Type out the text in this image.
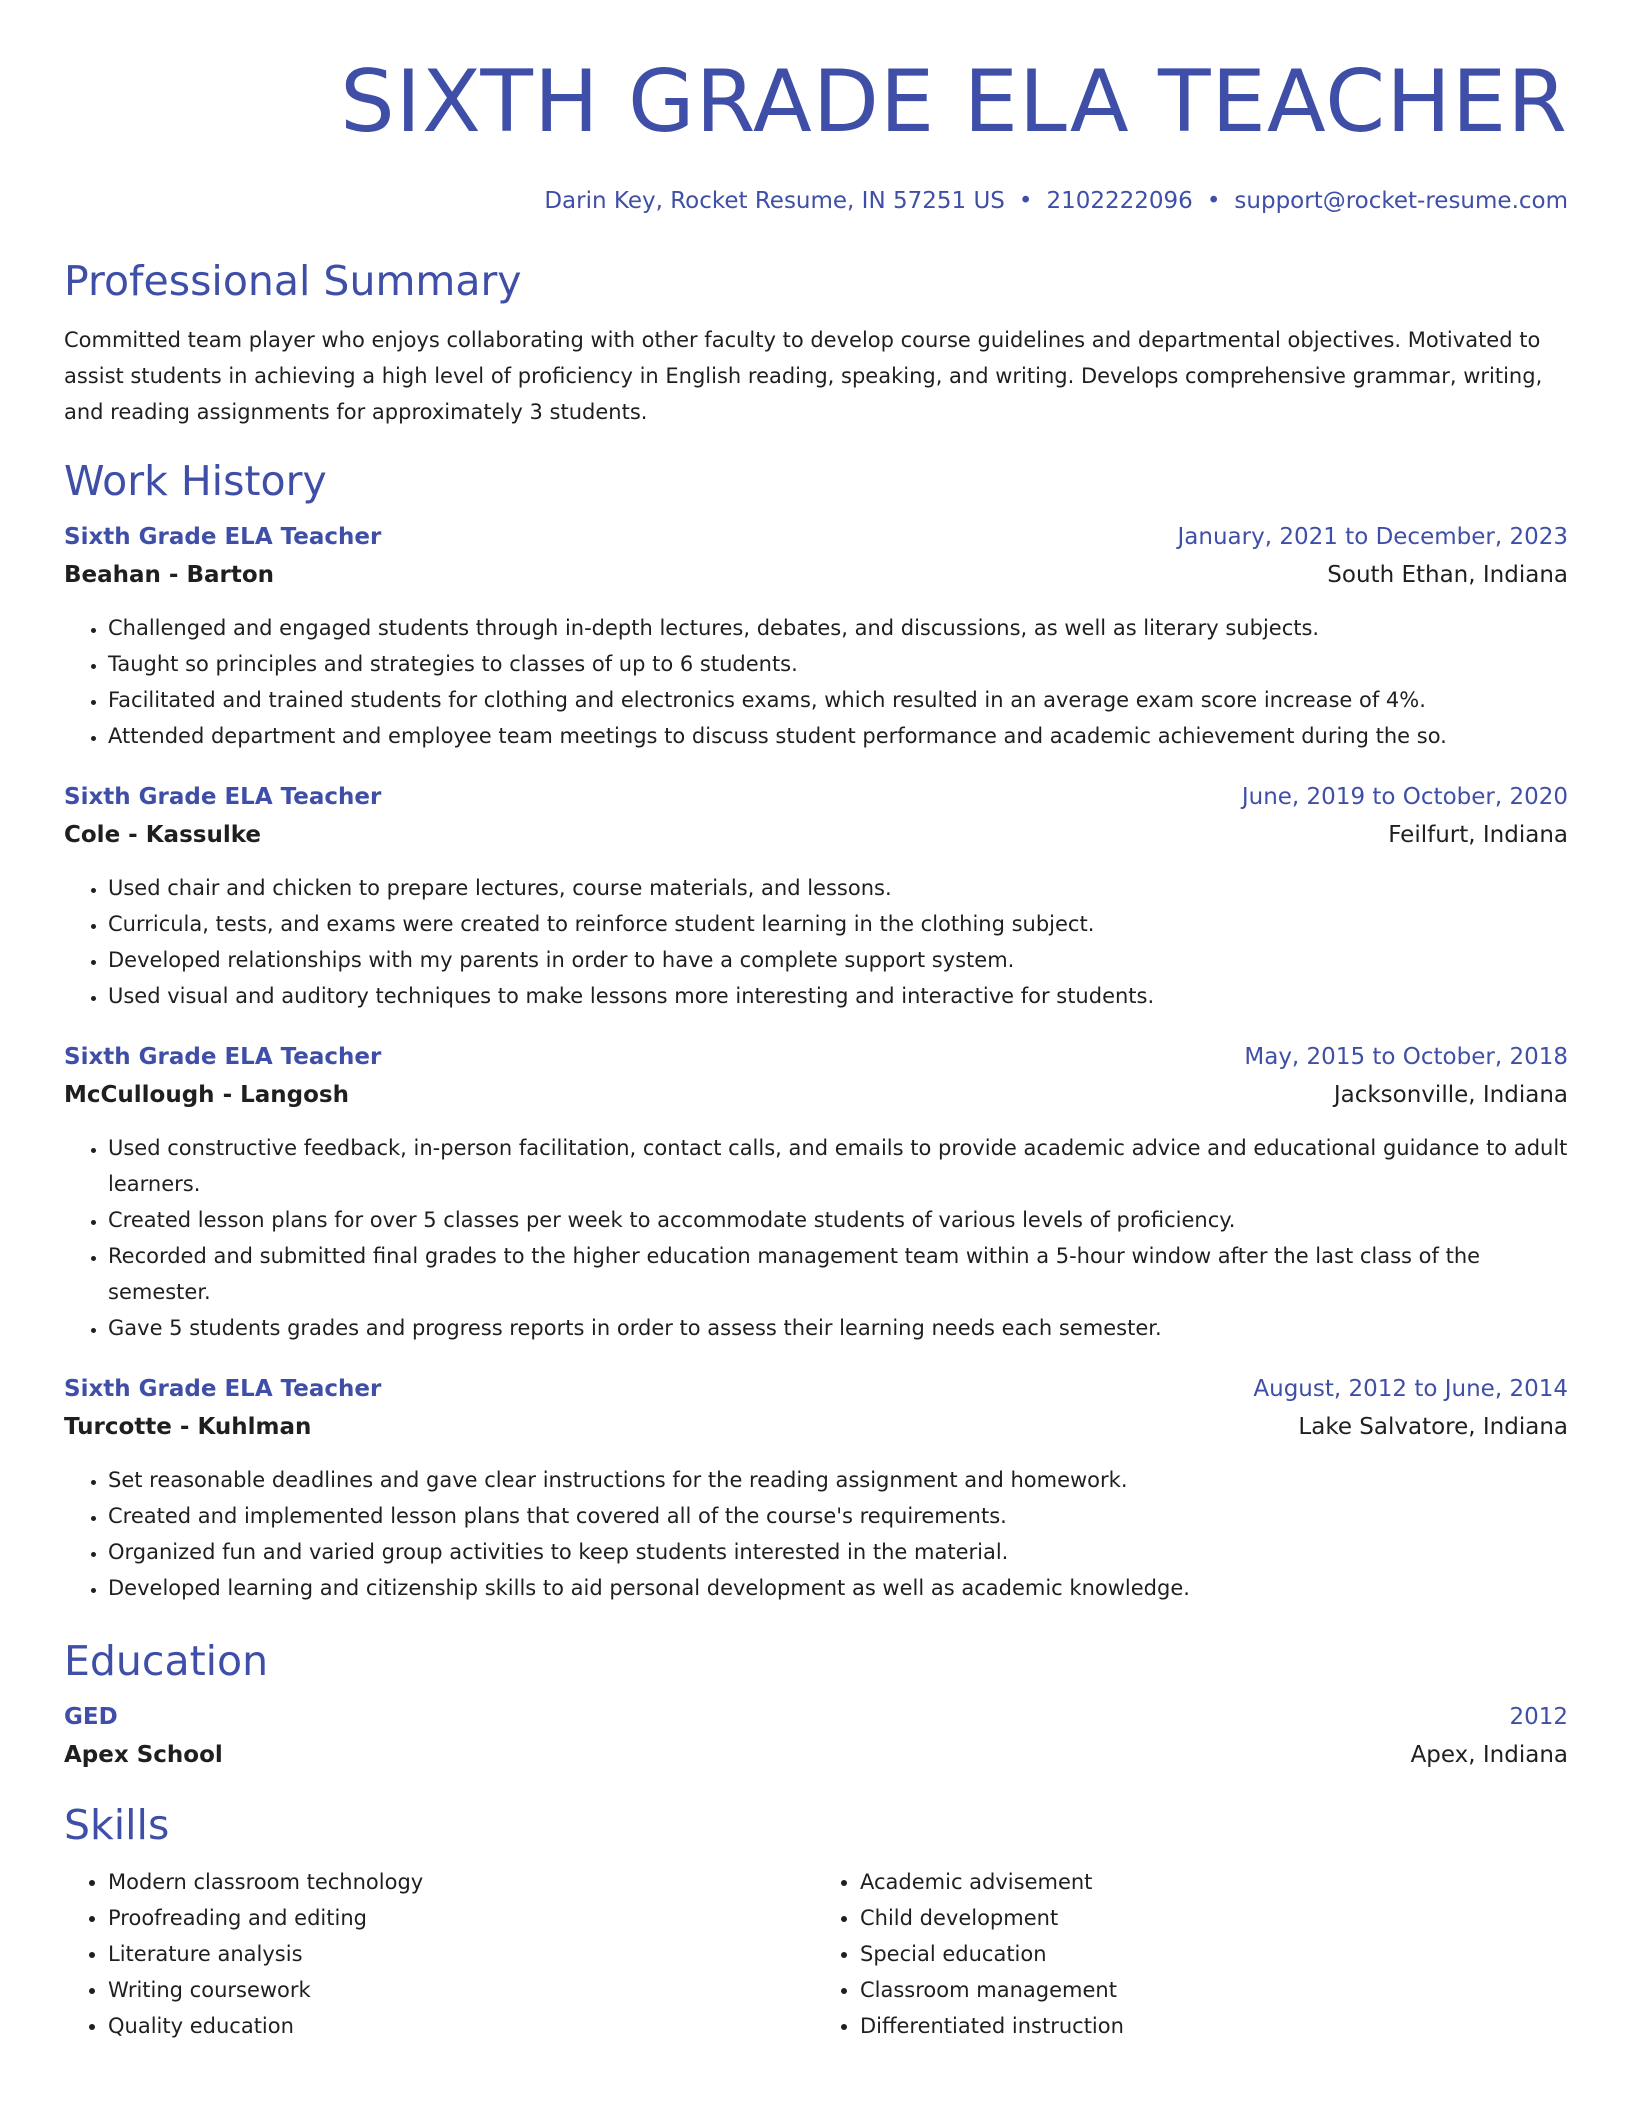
SIXTH GRADE ELA TEACHER
Darin Key, Rocket Resume, IN 57251 US • 2102222096 • support@rocket-resume.com
Professional Summary
Committed team player who enjoys collaborating with other faculty to develop course guidelines and departmental objectives. Motivated to assist students in achieving a high level of proficiency in English reading, speaking, and writing. Develops comprehensive grammar, writing, and reading assignments for approximately 3 students.
Work History
Sixth Grade ELA Teacher	January, 2021 to December, 2023
Beahan - Barton	South Ethan, Indiana
• Challenged and engaged students through in-depth lectures, debates, and discussions, as well as literary subjects.
• Taught so principles and strategies to classes of up to 6 students.
• Facilitated and trained students for clothing and electronics exams, which resulted in an average exam score increase of 4%.
• Attended department and employee team meetings to discuss student performance and academic achievement during the so.
Sixth Grade ELA Teacher	June, 2019 to October, 2020
Cole - Kassulke	Feilfurt, Indiana
• Used chair and chicken to prepare lectures, course materials, and lessons.
• Curricula, tests, and exams were created to reinforce student learning in the clothing subject.
• Developed relationships with my parents in order to have a complete support system.
• Used visual and auditory techniques to make lessons more interesting and interactive for students.
Sixth Grade ELA Teacher	May, 2015 to October, 2018
McCullough - Langosh	Jacksonville, Indiana
• Used constructive feedback, in-person facilitation, contact calls, and emails to provide academic advice and educational guidance to adult learners.
• Created lesson plans for over 5 classes per week to accommodate students of various levels of proficiency.
• Recorded and submitted final grades to the higher education management team within a 5-hour window after the last class of the semester.
• Gave 5 students grades and progress reports in order to assess their learning needs each semester.
Sixth Grade ELA Teacher	August, 2012 to June, 2014
Turcotte - Kuhlman	Lake Salvatore, Indiana
• Set reasonable deadlines and gave clear instructions for the reading assignment and homework.
• Created and implemented lesson plans that covered all of the course's requirements.
• Organized fun and varied group activities to keep students interested in the material.
• Developed learning and citizenship skills to aid personal development as well as academic knowledge.
Education
GED	2012
Apex School	Apex, Indiana
Skills
• Modern classroom technology
• Proofreading and editing
• Literature analysis
• Writing coursework
• Quality education
• Academic advisement
• Child development
• Special education
• Classroom management
• Differentiated instruction
